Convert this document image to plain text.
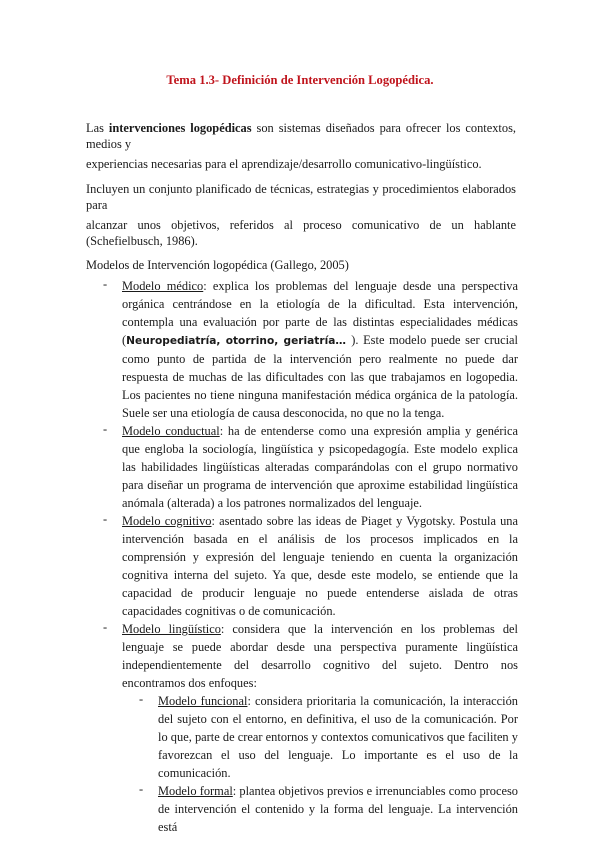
Tema 1.3- Definición de Intervención Logopédica.
Las intervenciones logopédicas son sistemas diseñados para ofrecer los contextos, medios y
experiencias necesarias para el aprendizaje/desarrollo comunicativo-lingüístico.
Incluyen un conjunto planificado de técnicas, estrategias y procedimientos elaborados para
alcanzar unos objetivos, referidos al proceso comunicativo de un hablante (Schefielbusch, 1986).
Modelos de Intervención logopédica (Gallego, 2005)
- Modelo médico: explica los problemas del lenguaje desde una perspectiva orgánica centrándose en la etiología de la dificultad. Esta intervención, contempla una evaluación por parte de las distintas especialidades médicas (Neuropediatría, otorrino, geriatría… ). Este modelo puede ser crucial como punto de partida de la intervención pero realmente no puede dar respuesta de muchas de las dificultades con las que trabajamos en logopedia. Los pacientes no tiene ninguna manifestación médica orgánica de la patología. Suele ser una etiología de causa desconocida, no que no la tenga.
- Modelo conductual: ha de entenderse como una expresión amplia y genérica que engloba la sociología, lingüística y psicopedagogía. Este modelo explica las habilidades lingüísticas alteradas comparándolas con el grupo normativo para diseñar un programa de intervención que aproxime estabilidad lingüística anómala (alterada) a los patrones normalizados del lenguaje.
- Modelo cognitivo: asentado sobre las ideas de Piaget y Vygotsky. Postula una intervención basada en el análisis de los procesos implicados en la comprensión y expresión del lenguaje teniendo en cuenta la organización cognitiva interna del sujeto. Ya que, desde este modelo, se entiende que la capacidad de producir lenguaje no puede entenderse aislada de otras capacidades cognitivas o de comunicación.
- Modelo lingüístico: considera que la intervención en los problemas del lenguaje se puede abordar desde una perspectiva puramente lingüística independientemente del desarrollo cognitivo del sujeto. Dentro nos encontramos dos enfoques:
- Modelo funcional: considera prioritaria la comunicación, la interacción del sujeto con el entorno, en definitiva, el uso de la comunicación. Por lo que, parte de crear entornos y contextos comunicativos que faciliten y favorezcan el uso del lenguaje. Lo importante es el uso de la comunicación.
- Modelo formal: plantea objetivos previos e irrenunciables como proceso de intervención el contenido y la forma del lenguaje. La intervención está
